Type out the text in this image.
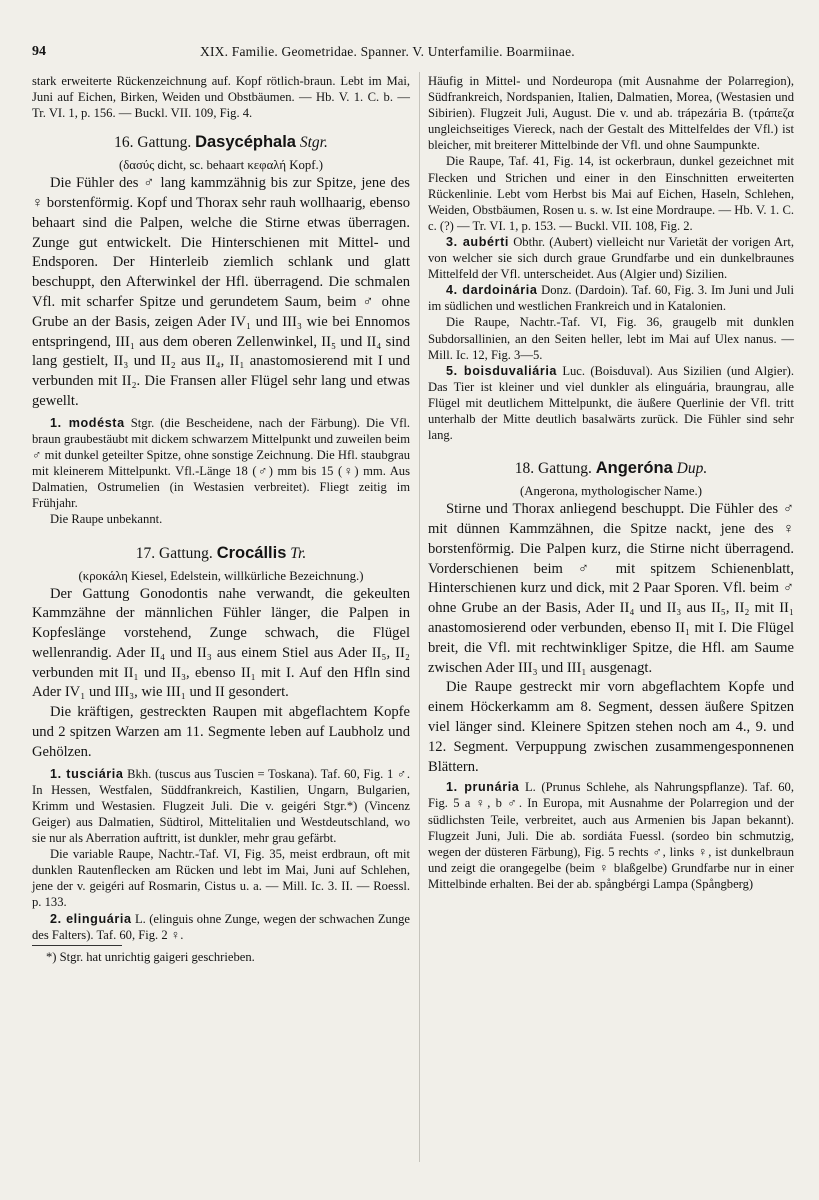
94	XIX. Familie. Geometridae. Spanner. V. Unterfamilie. Boarmiinae.

stark erweiterte Rückenzeichnung auf. Kopf rötlich-braun. Lebt im Mai, Juni auf Eichen, Birken, Weiden und Obstbäumen. — Hb. V. 1. C. b. — Tr. VI. 1, p. 156. — Buckl. VII. 109, Fig. 4.

16. Gattung. Dasycéphala Stgr.

(δασύς dicht, sc. behaart κεφαλή Kopf.)

Die Fühler des ♂ lang kammzähnig bis zur Spitze, jene des ♀ borstenförmig. Kopf und Thorax sehr rauh wollhaarig, ebenso behaart sind die Palpen, welche die Stirne etwas überragen. Zunge gut entwickelt. Die Hinterschienen mit Mittel- und Endsporen. Der Hinterleib ziemlich schlank und glatt beschuppt, den Afterwinkel der Hfl. überragend. Die schmalen Vfl. mit scharfer Spitze und gerundetem Saum, beim ♂ ohne Grube an der Basis, zeigen Ader IV₁ und III₃ wie bei Ennomos entspringend, III₁ aus dem oberen Zellenwinkel, II₅ und II₄ sind lang gestielt, II₃ und II₂ aus II₄, II₁ anastomosierend mit I und verbunden mit II₂. Die Fransen aller Flügel sehr lang und etwas gewellt.

1. modésta Stgr. (die Bescheidene, nach der Färbung). Die Vfl. braun graubestäubt mit dickem schwarzem Mittelpunkt und zuweilen beim ♂ mit dunkel geteilter Spitze, ohne sonstige Zeichnung. Die Hfl. staubgrau mit kleinerem Mittelpunkt. Vfl.-Länge 18 (♂) mm bis 15 (♀) mm. Aus Dalmatien, Ostrumelien (in Westasien verbreitet). Fliegt zeitig im Frühjahr.

Die Raupe unbekannt.

17. Gattung. Crocállis Tr.

(κροκάλη Kiesel, Edelstein, willkürliche Bezeichnung.)

Der Gattung Gonodontis nahe verwandt, die gekeulten Kammzähne der männlichen Fühler länger, die Palpen in Kopfeslänge vorstehend, Zunge schwach, die Flügel wellenrandig. Ader II₄ und II₃ aus einem Stiel aus Ader II₅, II₂ verbunden mit II₁ und II₃, ebenso II₁ mit I. Auf den Hfln sind Ader IV₁ und III₃, wie III₁ und II gesondert.

Die kräftigen, gestreckten Raupen mit abgeflachtem Kopfe und 2 spitzen Warzen am 11. Segmente leben auf Laubholz und Gehölzen.

1. tusciária Bkh. (tuscus aus Tuscien = Toskana). Taf. 60, Fig. 1 ♂. In Hessen, Westfalen, Süddfrankreich, Kastilien, Ungarn, Bulgarien, Krimm und Westasien. Flugzeit Juli. Die v. geigéri Stgr.*) (Vincenz Geiger) aus Dalmatien, Südtirol, Mittelitalien und Westdeutschland, wo sie nur als Aberration auftritt, ist dunkler, mehr grau gefärbt.

Die variable Raupe, Nachtr.-Taf. VI, Fig. 35, meist erdbraun, oft mit dunklen Rautenflecken am Rücken und lebt im Mai, Juni auf Schlehen, jene der v. geigéri auf Rosmarin, Cistus u. a. — Mill. Ic. 3. II. — Roessl. p. 133.

2. elinguária L. (elinguis ohne Zunge, wegen der schwachen Zunge des Falters). Taf. 60, Fig. 2 ♀.

*) Stgr. hat unrichtig gaigeri geschrieben.

Häufig in Mittel- und Nordeuropa (mit Ausnahme der Polarregion), Südfrankreich, Nordspanien, Italien, Dalmatien, Morea, (Westasien und Sibirien). Flugzeit Juli, August. Die v. und ab. trápezária B. (τράπεζα ungleichseitiges Viereck, nach der Gestalt des Mittelfeldes der Vfl.) ist bleicher, mit breiterer Mittelbinde der Vfl. und ohne Saumpunkte.

Die Raupe, Taf. 41, Fig. 14, ist ockerbraun, dunkel gezeichnet mit Flecken und Strichen und einer in den Einschnitten erweiterten Rückenlinie. Lebt vom Herbst bis Mai auf Eichen, Haseln, Schlehen, Weiden, Obstbäumen, Rosen u. s. w. Ist eine Mordraupe. — Hb. V. 1. C. c. (?) — Tr. VI. 1, p. 153. — Buckl. VII. 108, Fig. 2.

3. aubérti Obthr. (Aubert) vielleicht nur Varietät der vorigen Art, von welcher sie sich durch graue Grundfarbe und ein dunkelbraunes Mittelfeld der Vfl. unterscheidet. Aus (Algier und) Sizilien.

4. dardoinária Donz. (Dardoin). Taf. 60, Fig. 3. Im Juni und Juli im südlichen und westlichen Frankreich und in Katalonien.

Die Raupe, Nachtr.-Taf. VI, Fig. 36, graugelb mit dunklen Subdorsallinien, an den Seiten heller, lebt im Mai auf Ulex nanus. — Mill. Ic. 12, Fig. 3—5.

5. boisduvaliária Luc. (Boisduval). Aus Sizilien (und Algier). Das Tier ist kleiner und viel dunkler als elinguária, braungrau, alle Flügel mit deutlichem Mittelpunkt, die äußere Querlinie der Vfl. tritt unterhalb der Mitte deutlich basalwärts zurück. Die Fühler sind sehr lang.

18. Gattung. Angeróna Dup.

(Angerona, mythologischer Name.)

Stirne und Thorax anliegend beschuppt. Die Fühler des ♂ mit dünnen Kammzähnen, die Spitze nackt, jene des ♀ borstenförmig. Die Palpen kurz, die Stirne nicht überragend. Vorderschienen beim ♂ mit spitzem Schienenblatt, Hinterschienen kurz und dick, mit 2 Paar Sporen. Vfl. beim ♂ ohne Grube an der Basis, Ader II₄ und II₃ aus II₅, II₂ mit II₁ anastomosierend oder verbunden, ebenso II₁ mit I. Die Flügel breit, die Vfl. mit rechtwinkliger Spitze, die Hfl. am Saume zwischen Ader III₃ und III₁ ausgenagt.

Die Raupe gestreckt mir vorn abgeflachtem Kopfe und einem Höckerkamm am 8. Segment, dessen äußere Spitzen viel länger sind. Kleinere Spitzen stehen noch am 4., 9. und 12. Segment. Verpuppung zwischen zusammengesponnenen Blättern.

1. prunária L. (Prunus Schlehe, als Nahrungspflanze). Taf. 60, Fig. 5 a ♀, b ♂. In Europa, mit Ausnahme der Polarregion und der südlichsten Teile, verbreitet, auch aus Armenien bis Japan bekannt). Flugzeit Juni, Juli. Die ab. sordiáta Fuessl. (sordeo bin schmutzig, wegen der düsteren Färbung), Fig. 5 rechts ♂, links ♀, ist dunkelbraun und zeigt die orangegelbe (beim ♀ blaßgelbe) Grundfarbe nur in einer Mittelbinde erhalten. Bei der ab. spångbérgi Lampa (Spångberg)
